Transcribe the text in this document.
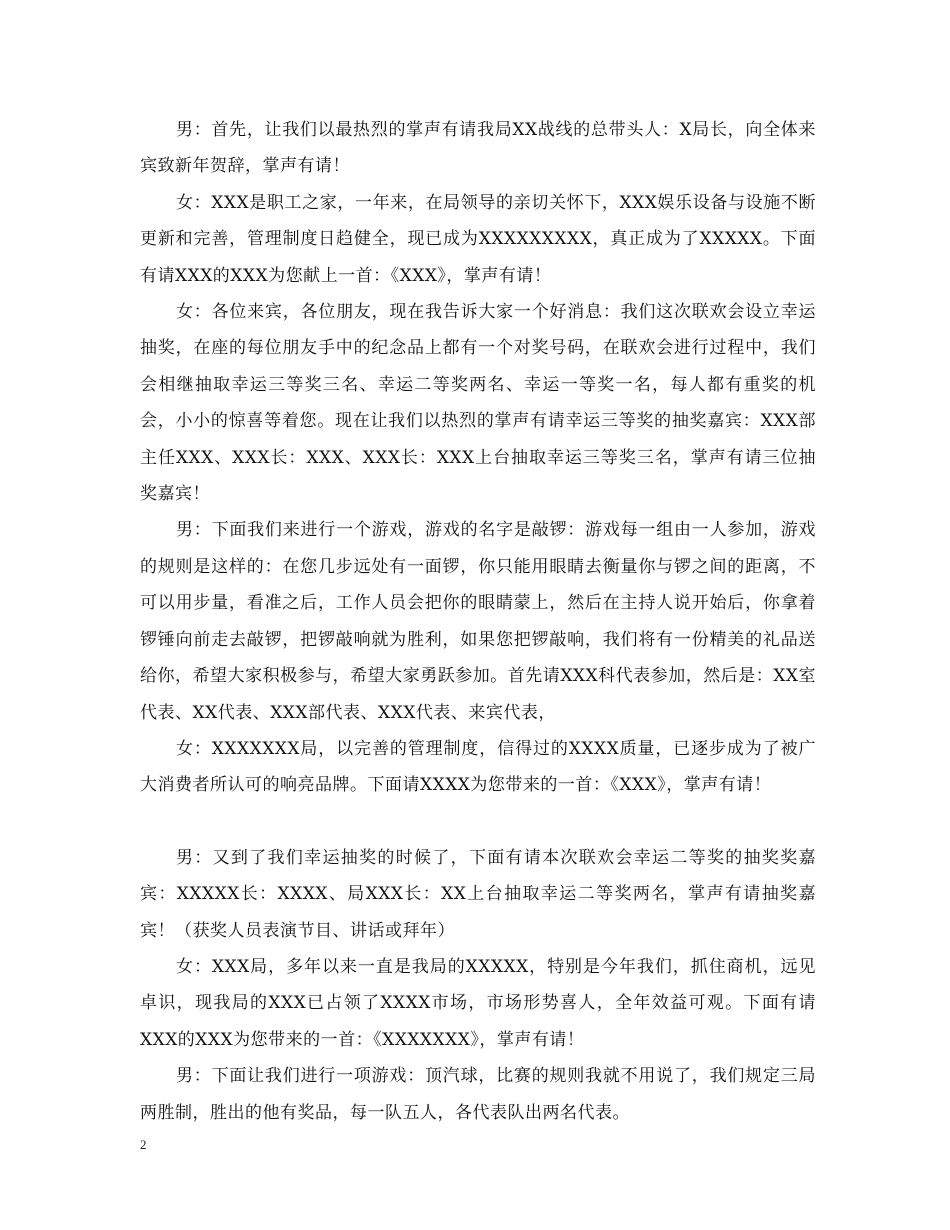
男：首先，让我们以最热烈的掌声有请我局XX战线的总带头人：X局长，向全体来宾致新年贺辞，掌声有请！

女：XXX是职工之家，一年来，在局领导的亲切关怀下，XXX娱乐设备与设施不断更新和完善，管理制度日趋健全，现已成为XXXXXXXXX，真正成为了XXXXX。下面有请XXX的XXX为您献上一首：《XXX》，掌声有请！

女：各位来宾，各位朋友，现在我告诉大家一个好消息：我们这次联欢会设立幸运抽奖，在座的每位朋友手中的纪念品上都有一个对奖号码，在联欢会进行过程中，我们会相继抽取幸运三等奖三名、幸运二等奖两名、幸运一等奖一名，每人都有重奖的机会，小小的惊喜等着您。现在让我们以热烈的掌声有请幸运三等奖的抽奖嘉宾：XXX部主任XXX、XXX长：XXX、XXX长：XXX上台抽取幸运三等奖三名，掌声有请三位抽奖嘉宾！

男：下面我们来进行一个游戏，游戏的名字是敲锣：游戏每一组由一人参加，游戏的规则是这样的：在您几步远处有一面锣，你只能用眼睛去衡量你与锣之间的距离，不可以用步量，看准之后，工作人员会把你的眼睛蒙上，然后在主持人说开始后，你拿着锣锤向前走去敲锣，把锣敲响就为胜利，如果您把锣敲响，我们将有一份精美的礼品送给你，希望大家积极参与，希望大家勇跃参加。首先请XXX科代表参加，然后是：XX室代表、XX代表、XXX部代表、XXX代表、来宾代表，

女：XXXXXXX局，以完善的管理制度，信得过的XXXX质量，已逐步成为了被广大消费者所认可的响亮品牌。下面请XXXX为您带来的一首：《XXX》，掌声有请！

男：又到了我们幸运抽奖的时候了，下面有请本次联欢会幸运二等奖的抽奖奖嘉宾：XXXXX长：XXXX、局XXX长：XX上台抽取幸运二等奖两名，掌声有请抽奖嘉宾！（获奖人员表演节目、讲话或拜年）

女：XXX局，多年以来一直是我局的XXXXX，特别是今年我们，抓住商机，远见卓识，现我局的XXX已占领了XXXX市场，市场形势喜人，全年效益可观。下面有请XXX的XXX为您带来的一首：《XXXXXXX》，掌声有请！

男：下面让我们进行一项游戏：顶汽球，比赛的规则我就不用说了，我们规定三局两胜制，胜出的他有奖品，每一队五人，各代表队出两名代表。

2
